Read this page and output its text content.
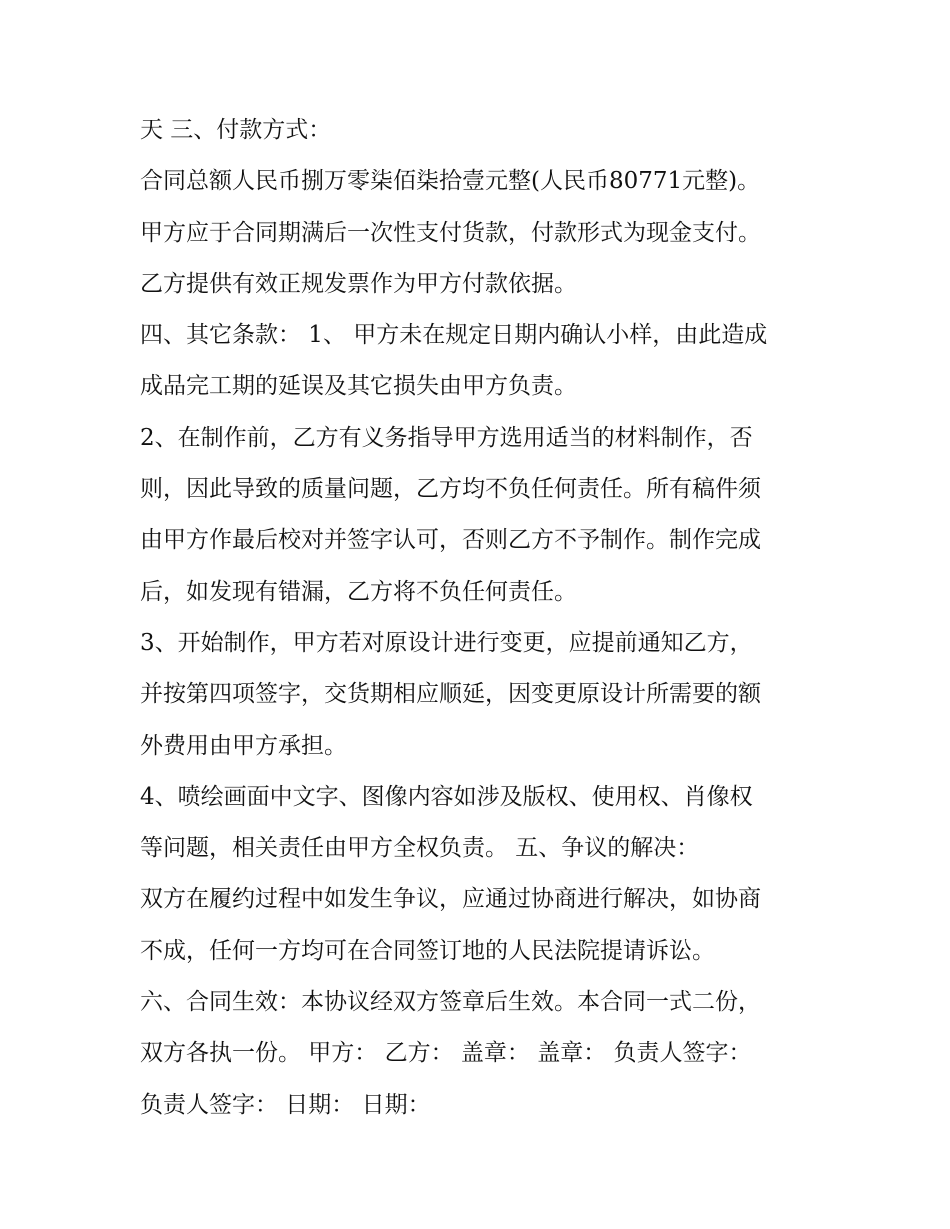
天 三、付款方式：
合同总额人民币捌万零柒佰柒拾壹元整(人民币80771元整)。
甲方应于合同期满后一次性支付货款，付款形式为现金支付。
乙方提供有效正规发票作为甲方付款依据。
四、其它条款： 1、 甲方未在规定日期内确认小样，由此造成
成品完工期的延误及其它损失由甲方负责。
2、在制作前，乙方有义务指导甲方选用适当的材料制作，否
则，因此导致的质量问题，乙方均不负任何责任。所有稿件须
由甲方作最后校对并签字认可，否则乙方不予制作。制作完成
后，如发现有错漏，乙方将不负任何责任。
3、开始制作，甲方若对原设计进行变更，应提前通知乙方，
并按第四项签字，交货期相应顺延，因变更原设计所需要的额
外费用由甲方承担。
4、喷绘画面中文字、图像内容如涉及版权、使用权、肖像权
等问题，相关责任由甲方全权负责。 五、争议的解决：
双方在履约过程中如发生争议，应通过协商进行解决，如协商
不成，任何一方均可在合同签订地的人民法院提请诉讼。
六、合同生效：本协议经双方签章后生效。本合同一式二份，
双方各执一份。 甲方： 乙方： 盖章： 盖章： 负责人签字：
负责人签字： 日期： 日期：
